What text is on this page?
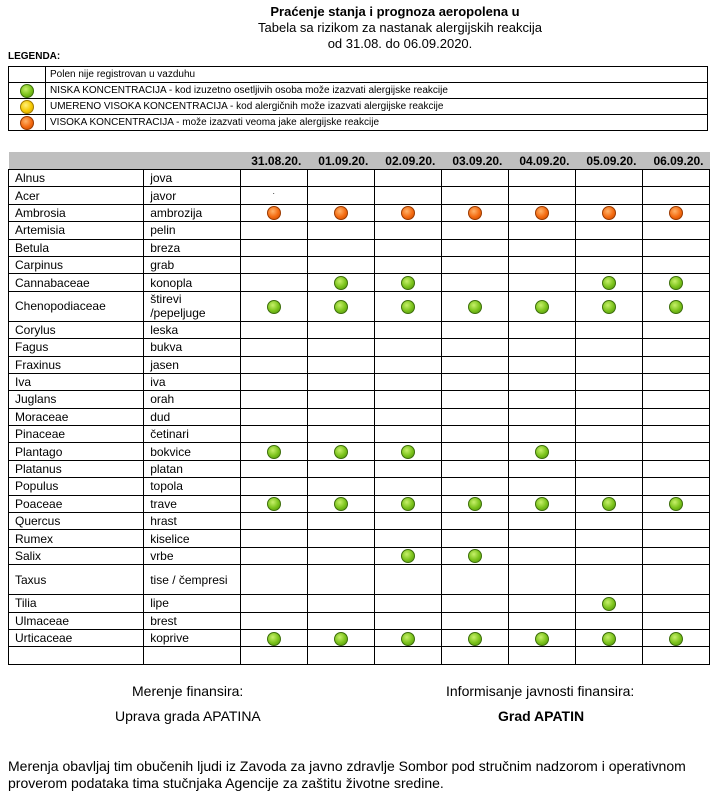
Praćenje stanja i prognoza aeropolena u
Tabela sa rizikom za nastanak alergijskih reakcija
od 31.08. do 06.09.2020.
LEGENDA:
	Polen nije registrovan u vazduhu
	NISKA KONCENTRACIJA - kod izuzetno osetljivih osoba može izazvati alergijske reakcije
	UMERENO VISOKA KONCENTRACIJA - kod alergičnih može izazvati alergijske reakcije
	VISOKA KONCENTRACIJA - može izazvati veoma jake alergijske reakcije
		31.08.20.	01.09.20.	02.09.20.	03.09.20.	04.09.20.	05.09.20.	06.09.20.
Alnus	jova							
Acer	javor	.						

Ambrosia	ambrozija							
Artemisia	pelin							
Betula	breza							
Carpinus	grab							
Cannabaceae	konopla							
Chenopodiaceae	štirevi /pepeljuge							
Corylus	leska							
Fagus	bukva							
Fraxinus	jasen							
Iva	iva							
Juglans	orah							
Moraceae	dud							
Pinaceae	četinari							
Plantago	bokvice							
Platanus	platan							
Populus	topola							
Poaceae	trave							
Quercus	hrast							
Rumex	kiselice							
Salix	vrbe							
Taxus	tise / čempresi							
Tilia	lipe							
Ulmaceae	brest							
Urticaceae	koprive							

Merenje finansira:
Uprava grada APATINA
Informisanje javnosti finansira:
Grad APATIN
Merenja obavljaj tim obučenih ljudi iz Zavoda za javno zdravlje Sombor pod stručnim nadzorom i operativnom proverom podataka tima stučnjaka Agencije za zaštitu životne sredine.
